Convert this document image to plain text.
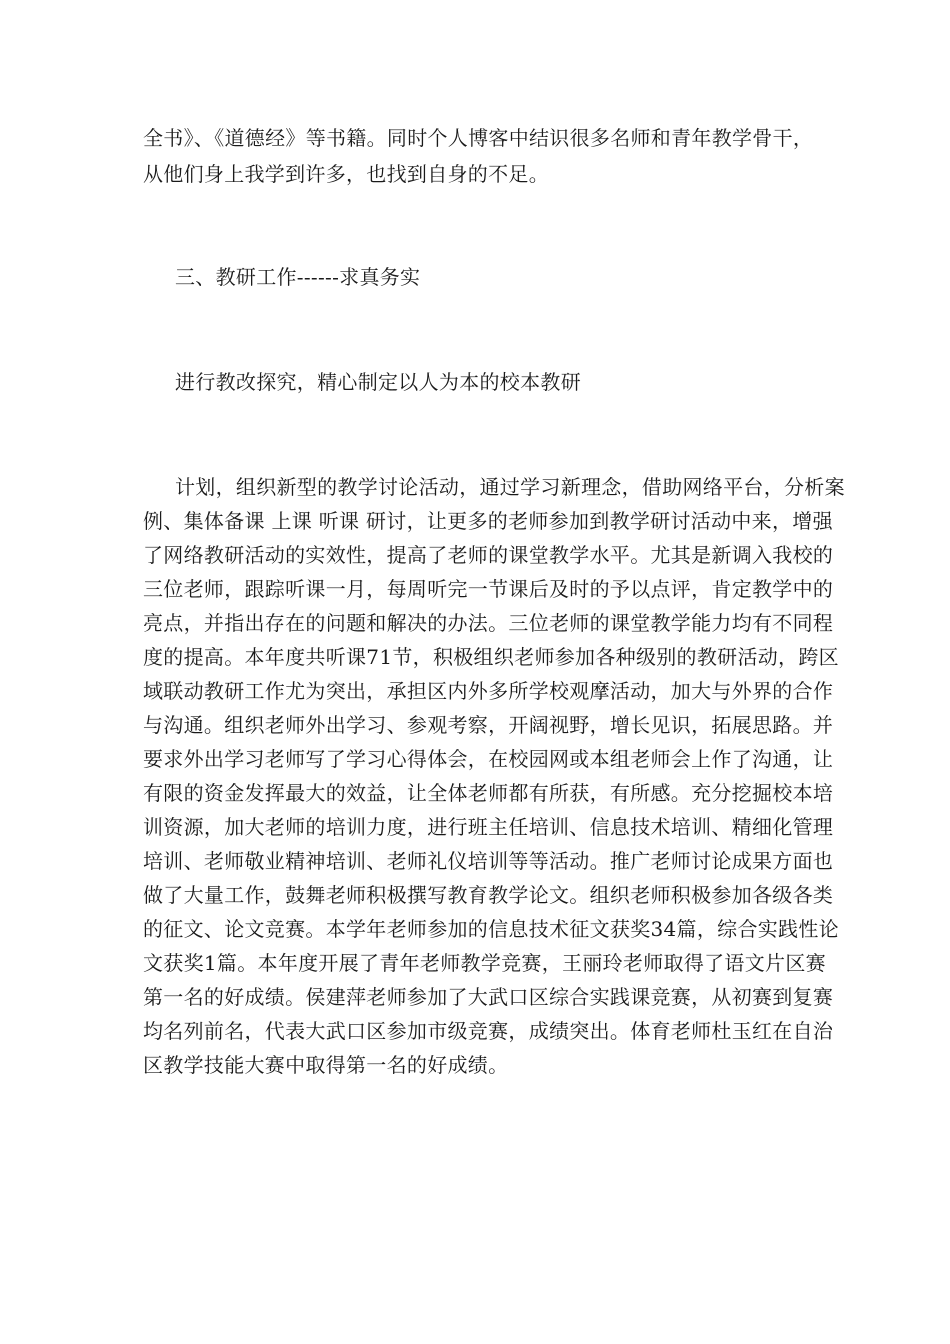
全书》、《道德经》等书籍。同时个人博客中结识很多名师和青年教学骨干，
从他们身上我学到许多，也找到自身的不足。
三、教研工作------求真务实
进行教改探究，精心制定以人为本的校本教研
计划，组织新型的教学讨论活动，通过学习新理念，借助网络平台，分析案
例、集体备课 上课 听课 研讨，让更多的老师参加到教学研讨活动中来，增强
了网络教研活动的实效性，提高了老师的课堂教学水平。尤其是新调入我校的
三位老师，跟踪听课一月，每周听完一节课后及时的予以点评，肯定教学中的
亮点，并指出存在的问题和解决的办法。三位老师的课堂教学能力均有不同程
度的提高。本年度共听课71节，积极组织老师参加各种级别的教研活动，跨区
域联动教研工作尤为突出，承担区内外多所学校观摩活动，加大与外界的合作
与沟通。组织老师外出学习、参观考察，开阔视野，增长见识，拓展思路。并
要求外出学习老师写了学习心得体会，在校园网或本组老师会上作了沟通，让
有限的资金发挥最大的效益，让全体老师都有所获，有所感。充分挖掘校本培
训资源，加大老师的培训力度，进行班主任培训、信息技术培训、精细化管理
培训、老师敬业精神培训、老师礼仪培训等等活动。推广老师讨论成果方面也
做了大量工作，鼓舞老师积极撰写教育教学论文。组织老师积极参加各级各类
的征文、论文竞赛。本学年老师参加的信息技术征文获奖34篇，综合实践性论
文获奖1篇。本年度开展了青年老师教学竞赛，王丽玲老师取得了语文片区赛
第一名的好成绩。侯建萍老师参加了大武口区综合实践课竞赛，从初赛到复赛
均名列前名，代表大武口区参加市级竞赛，成绩突出。体育老师杜玉红在自治
区教学技能大赛中取得第一名的好成绩。
